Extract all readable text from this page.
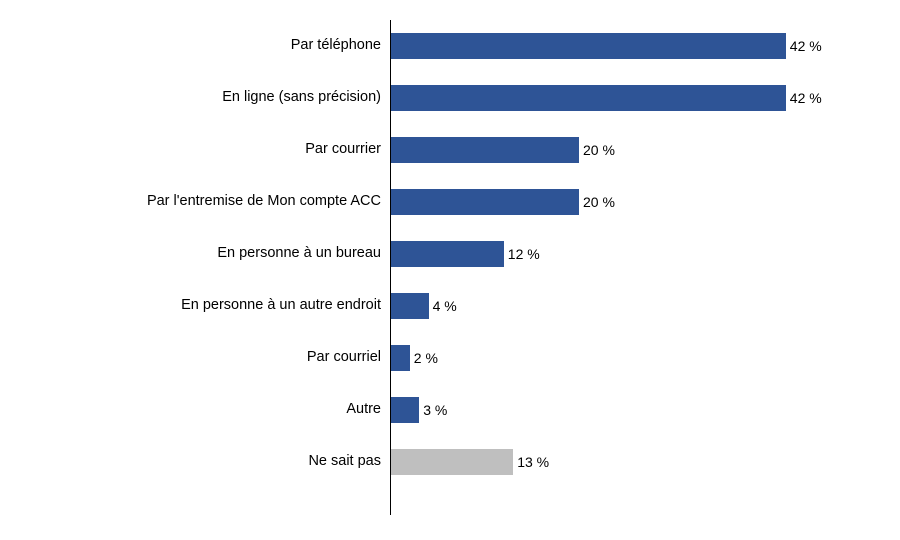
Par téléphone	42 %
En ligne (sans précision)	42 %
Par courrier	20 %
Par l'entremise de Mon compte ACC	20 %
En personne à un bureau	12 %
En personne à un autre endroit	4 %
Par courriel 2 %
Autre	3 %
Ne sait pas	13 %
